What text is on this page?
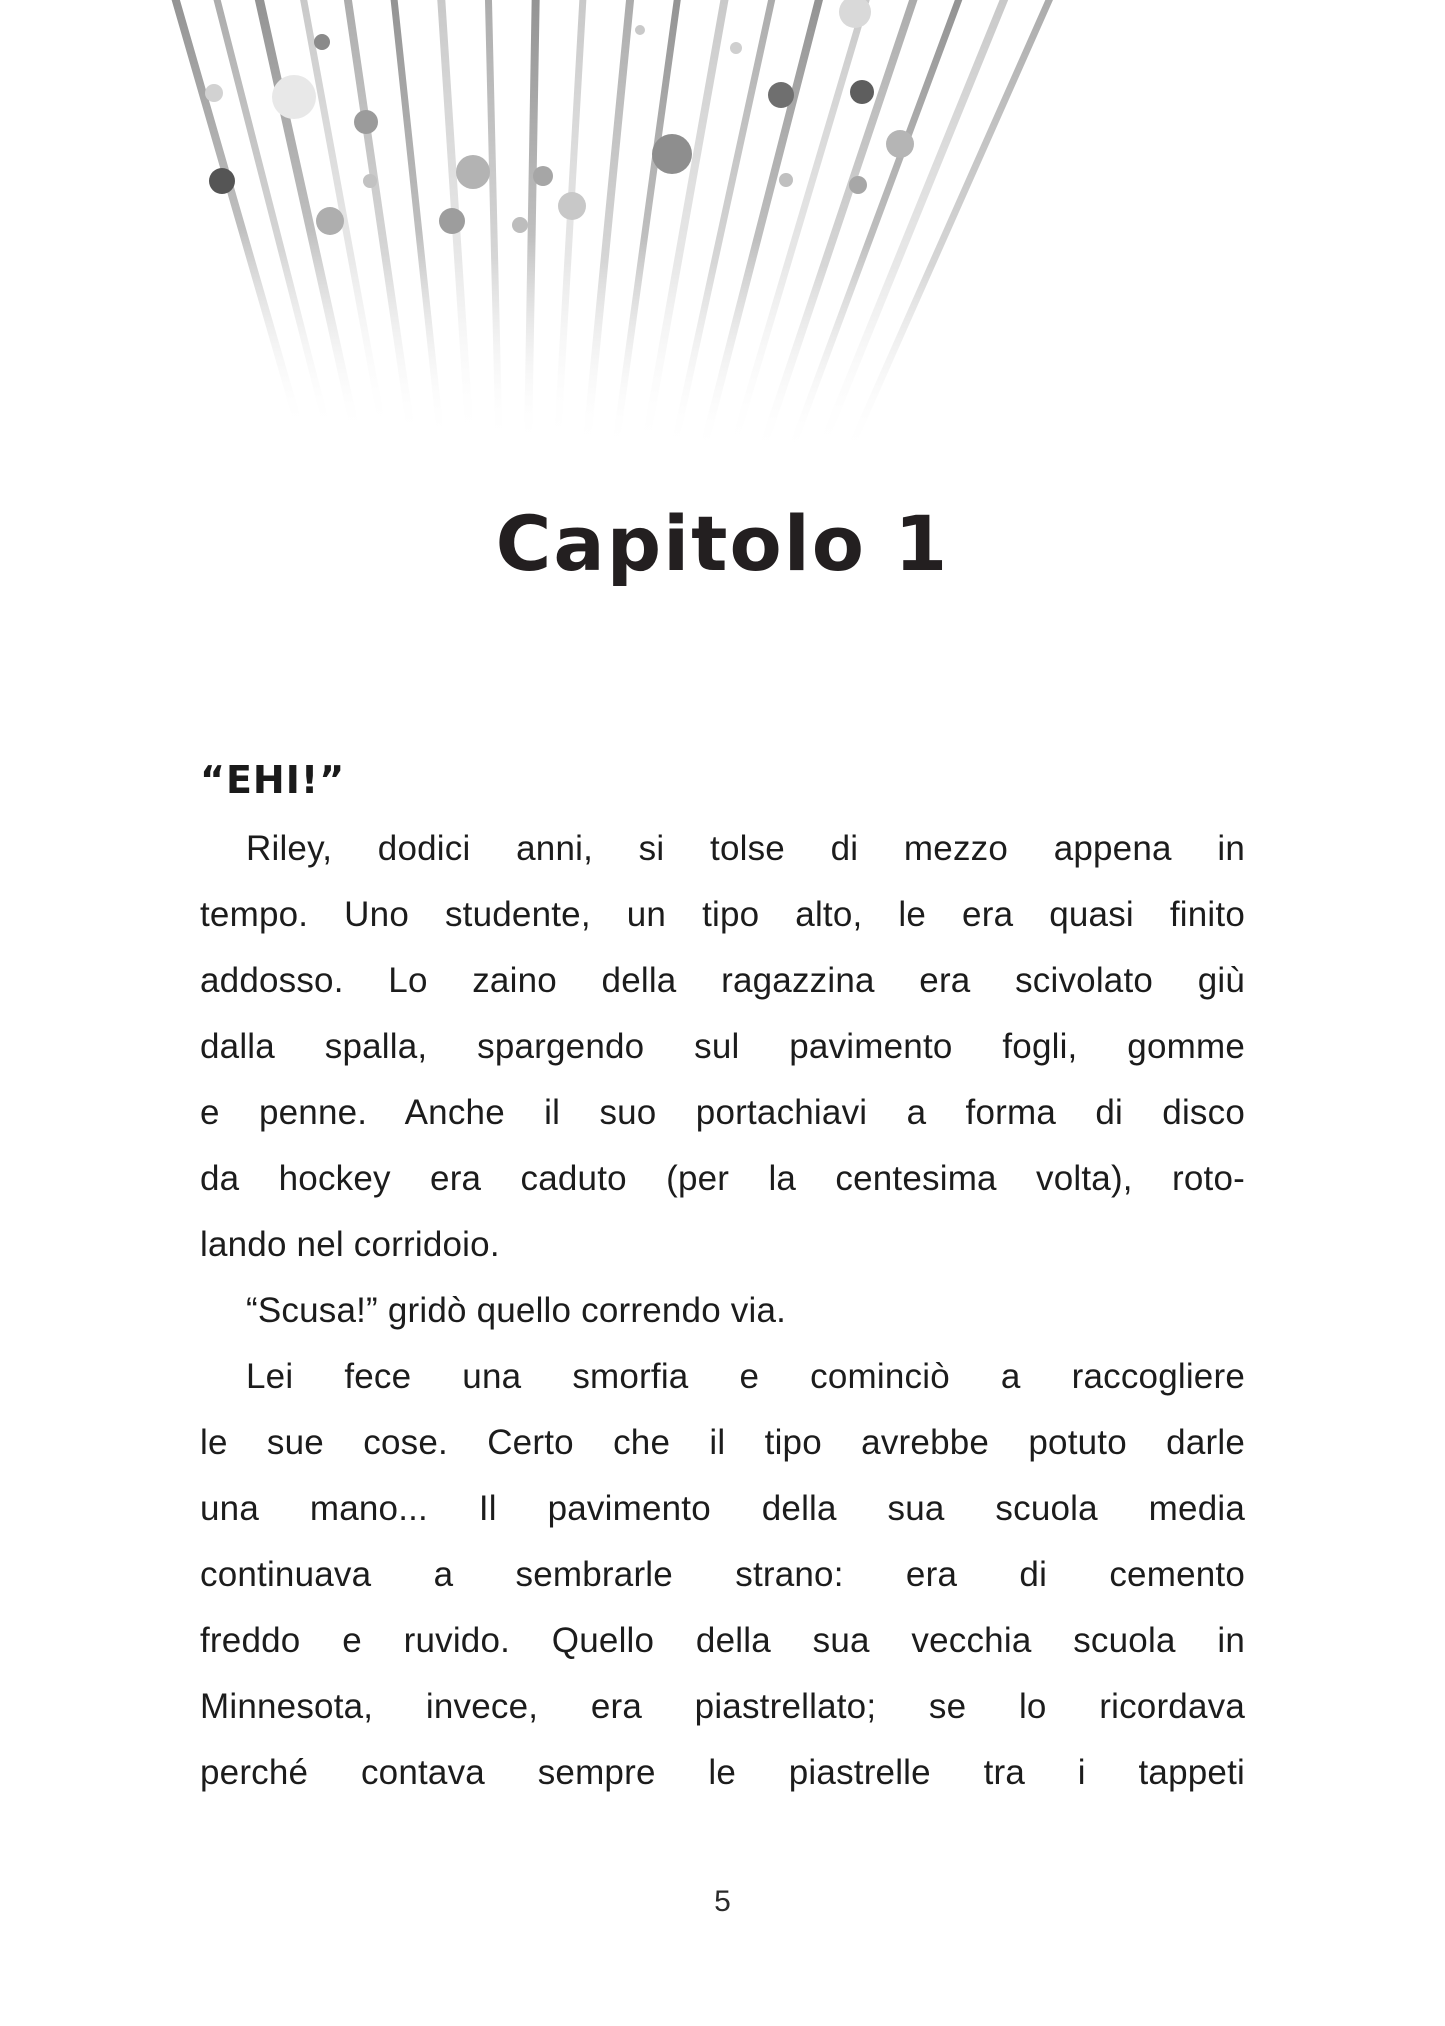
Capitolo 1
“EHI!”

Riley, dodici anni, si tolse di mezzo appena in
tempo. Uno studente, un tipo alto, le era quasi finito
addosso. Lo zaino della ragazzina era scivolato giù
dalla spalla, spargendo sul pavimento fogli, gomme
e penne. Anche il suo portachiavi a forma di disco
da hockey era caduto (per la centesima volta), roto-
lando nel corridoio.

“Scusa!” gridò quello correndo via.

Lei fece una smorfia e cominciò a raccogliere
le sue cose. Certo che il tipo avrebbe potuto darle
una mano... Il pavimento della sua scuola media
continuava a sembrarle strano: era di cemento
freddo e ruvido. Quello della sua vecchia scuola in
Minnesota, invece, era piastrellato; se lo ricordava
perché contava sempre le piastrelle tra i tappeti

5
